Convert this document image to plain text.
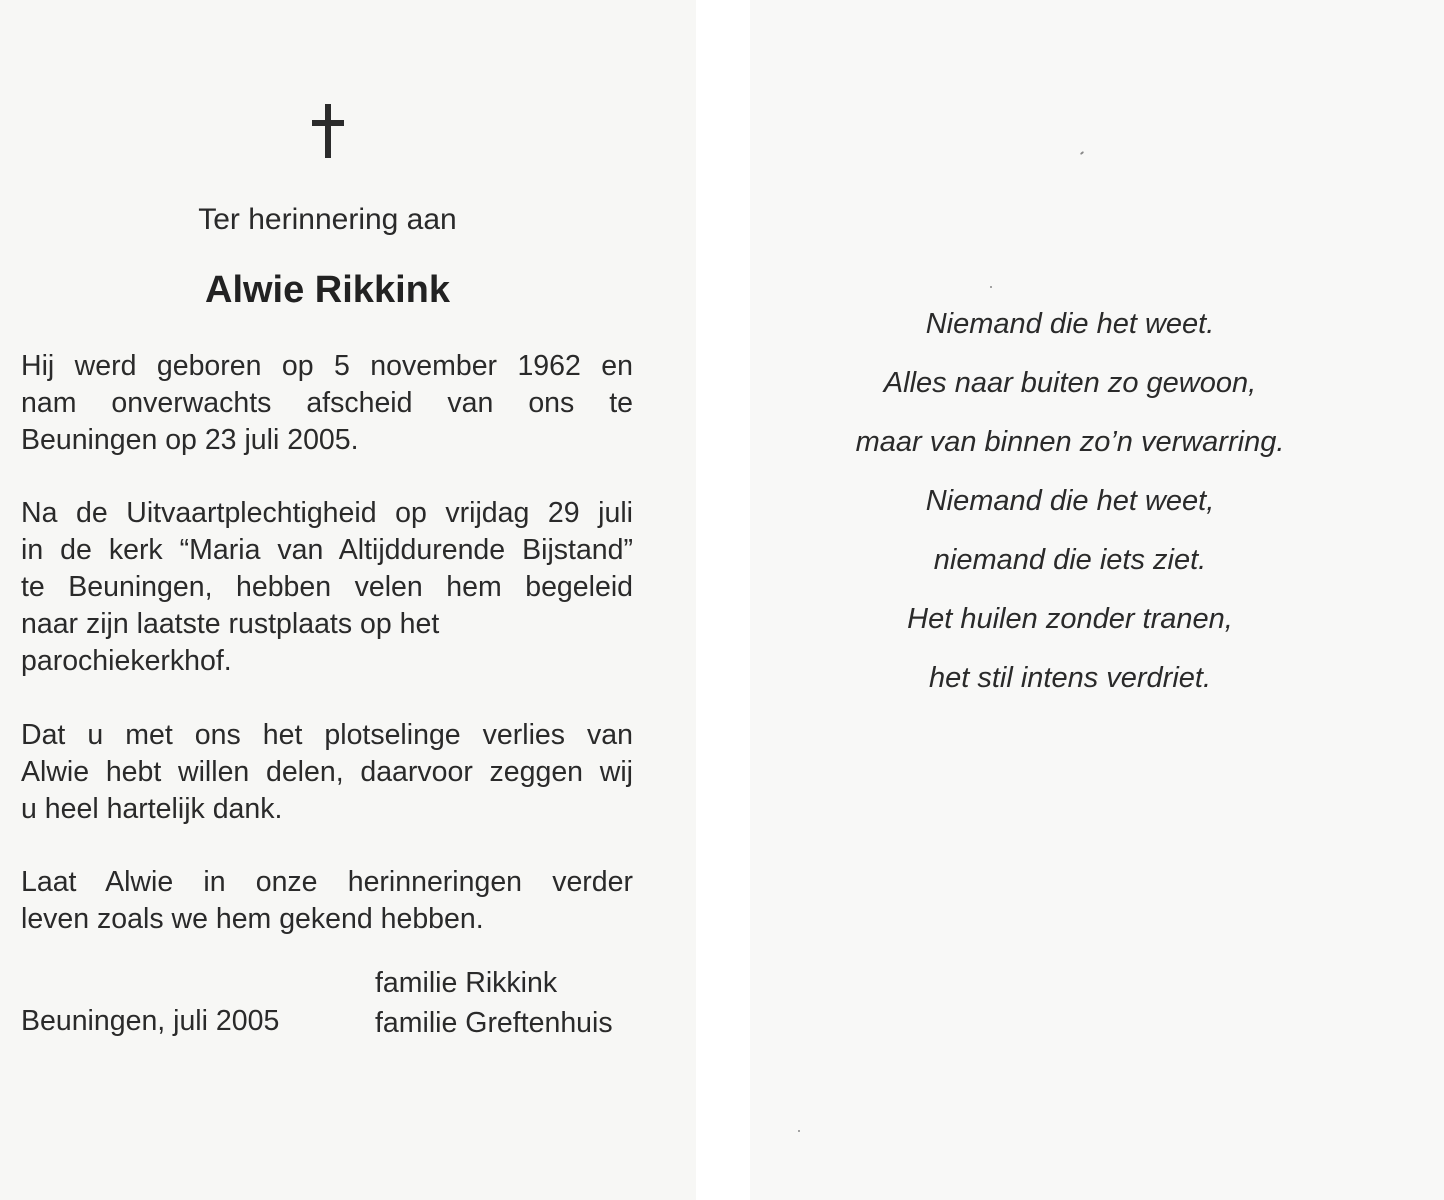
Ter herinnering aan
Alwie Rikkink
Hij werd geboren op 5 november 1962 en
nam onverwachts afscheid van ons te
Beuningen op 23 juli 2005.
Na de Uitvaartplechtigheid op vrijdag 29 juli
in de kerk “Maria van Altijddurende Bijstand”
te Beuningen, hebben velen hem begeleid
naar zijn laatste rustplaats op het
parochiekerkhof.
Dat u met ons het plotselinge verlies van
Alwie hebt willen delen, daarvoor zeggen wij
u heel hartelijk dank.
Laat Alwie in onze herinneringen verder
leven zoals we hem gekend hebben.
Beuningen, juli 2005
familie Rikkink
familie Greftenhuis
Niemand die het weet.
Alles naar buiten zo gewoon,
maar van binnen zo’n verwarring.
Niemand die het weet,
niemand die iets ziet.
Het huilen zonder tranen,
het stil intens verdriet.
